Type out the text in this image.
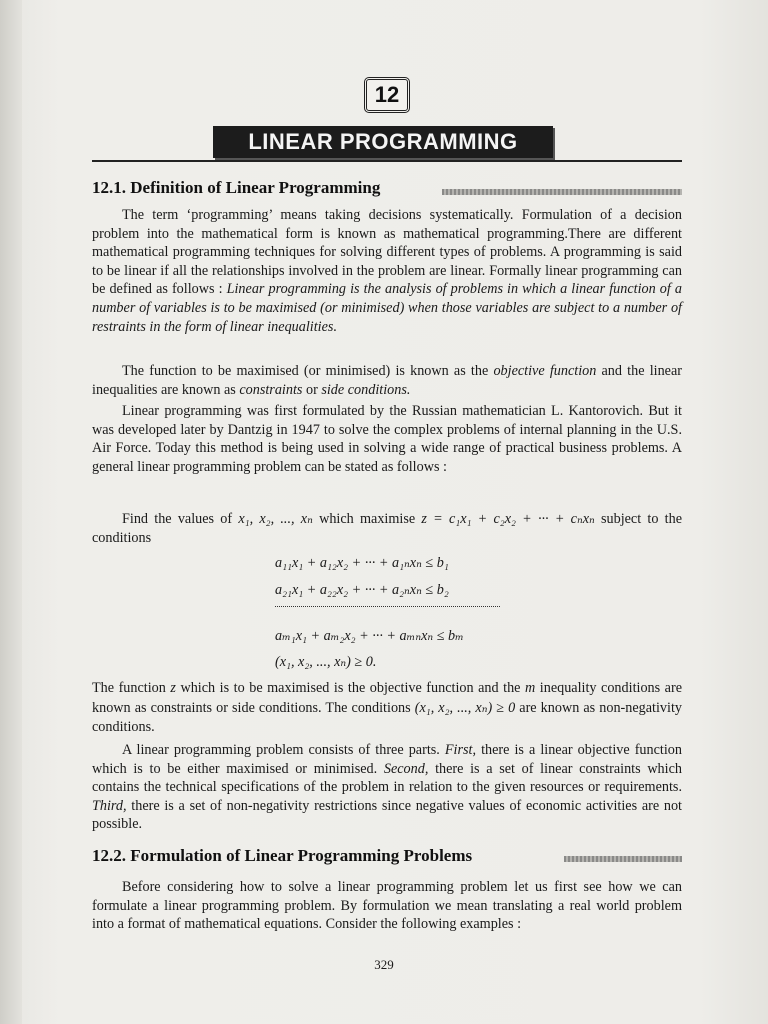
12
LINEAR PROGRAMMING
12.1. Definition of Linear Programming
The term ‘programming’ means taking decisions systematically. Formulation of a decision problem into the mathematical form is known as mathematical programming.There are different mathematical programming techniques for solving different types of problems. A programming is said to be linear if all the relationships involved in the problem are linear. Formally linear programming can be defined as follows : Linear programming is the analysis of problems in which a linear function of a number of variables is to be maximised (or minimised) when those variables are subject to a number of restraints in the form of linear inequalities.
The function to be maximised (or minimised) is known as the objective function and the linear inequalities are known as constraints or side conditions.
Linear programming was first formulated by the Russian mathematician L. Kantorovich. But it was developed later by Dantzig in 1947 to solve the complex problems of internal planning in the U.S. Air Force. Today this method is being used in solving a wide range of practical business problems. A general linear programming problem can be stated as follows :
Find the values of x₁, x₂, ..., xₙ which maximise z = c₁x₁ + c₂x₂ + ··· + cₙxₙ subject to the conditions
a₁₁x₁ + a₁₂x₂ + ··· + a₁ₙxₙ ≤ b₁
a₂₁x₁ + a₂₂x₂ + ··· + a₂ₙxₙ ≤ b₂
aₘ₁x₁ + aₘ₂x₂ + ··· + aₘₙxₙ ≤ bₘ
(x₁, x₂, ..., xₙ) ≥ 0.
The function z which is to be maximised is the objective function and the m inequality conditions are known as constraints or side conditions. The conditions (x₁, x₂, ..., xₙ) ≥ 0 are known as non-negativity conditions.
A linear programming problem consists of three parts. First, there is a linear objective function which is to be either maximised or minimised. Second, there is a set of linear constraints which contains the technical specifications of the problem in relation to the given resources or requirements. Third, there is a set of non-negativity restrictions since negative values of economic activities are not possible.
12.2. Formulation of Linear Programming Problems
Before considering how to solve a linear programming problem let us first see how we can formulate a linear programming problem. By formulation we mean translating a real world problem into a format of mathematical equations. Consider the following examples :
329
